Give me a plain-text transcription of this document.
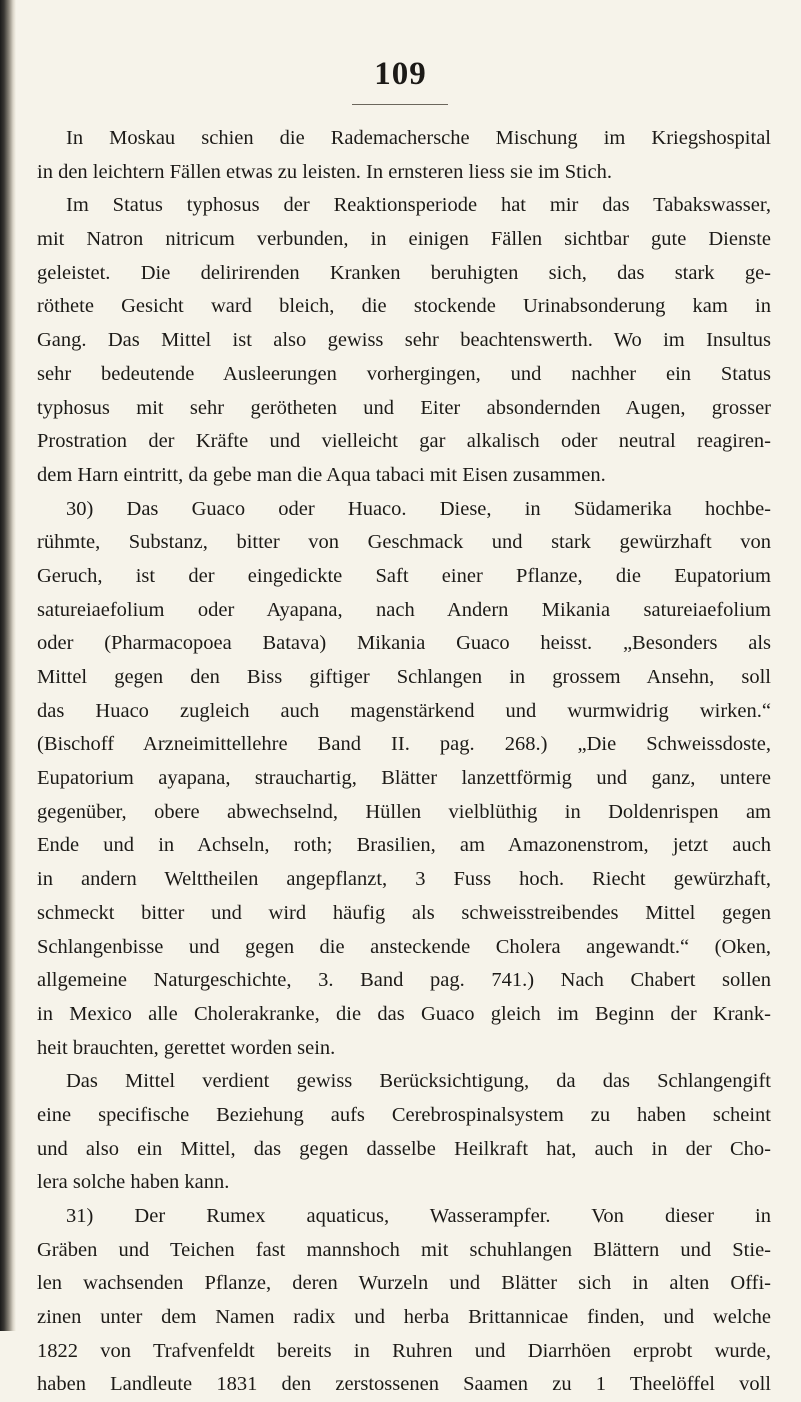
109
In Moskau schien die Rademachersche Mischung im Kriegshospital
in den leichtern Fällen etwas zu leisten. In ernsteren liess sie im Stich.
Im Status typhosus der Reaktionsperiode hat mir das Tabakswasser,
mit Natron nitricum verbunden, in einigen Fällen sichtbar gute Dienste
geleistet. Die delirirenden Kranken beruhigten sich, das stark ge-
röthete Gesicht ward bleich, die stockende Urinabsonderung kam in
Gang. Das Mittel ist also gewiss sehr beachtenswerth. Wo im Insultus
sehr bedeutende Ausleerungen vorhergingen, und nachher ein Status
typhosus mit sehr gerötheten und Eiter absondernden Augen, grosser
Prostration der Kräfte und vielleicht gar alkalisch oder neutral reagiren-
dem Harn eintritt, da gebe man die Aqua tabaci mit Eisen zusammen.
30) Das Guaco oder Huaco. Diese, in Südamerika hochbe-
rühmte, Substanz, bitter von Geschmack und stark gewürzhaft von
Geruch, ist der eingedickte Saft einer Pflanze, die Eupatorium
satureiaefolium oder Ayapana, nach Andern Mikania satureiaefolium
oder (Pharmacopoea Batava) Mikania Guaco heisst. „Besonders als
Mittel gegen den Biss giftiger Schlangen in grossem Ansehn, soll
das Huaco zugleich auch magenstärkend und wurmwidrig wirken.“
(Bischoff Arzneimittellehre Band II. pag. 268.) „Die Schweissdoste,
Eupatorium ayapana, strauchartig, Blätter lanzettförmig und ganz, untere
gegenüber, obere abwechselnd, Hüllen vielblüthig in Doldenrispen am
Ende und in Achseln, roth; Brasilien, am Amazonenstrom, jetzt auch
in andern Welttheilen angepflanzt, 3 Fuss hoch. Riecht gewürzhaft,
schmeckt bitter und wird häufig als schweisstreibendes Mittel gegen
Schlangenbisse und gegen die ansteckende Cholera angewandt.“ (Oken,
allgemeine Naturgeschichte, 3. Band pag. 741.) Nach Chabert sollen
in Mexico alle Cholerakranke, die das Guaco gleich im Beginn der Krank-
heit brauchten, gerettet worden sein.
Das Mittel verdient gewiss Berücksichtigung, da das Schlangengift
eine specifische Beziehung aufs Cerebrospinalsystem zu haben scheint
und also ein Mittel, das gegen dasselbe Heilkraft hat, auch in der Cho-
lera solche haben kann.
31) Der Rumex aquaticus, Wasserampfer. Von dieser in
Gräben und Teichen fast mannshoch mit schuhlangen Blättern und Stie-
len wachsenden Pflanze, deren Wurzeln und Blätter sich in alten Offi-
zinen unter dem Namen radix und herba Brittannicae finden, und welche
1822 von Trafvenfeldt bereits in Ruhren und Diarrhöen erprobt wurde,
haben Landleute 1831 den zerstossenen Saamen zu 1 Theelöffel voll
